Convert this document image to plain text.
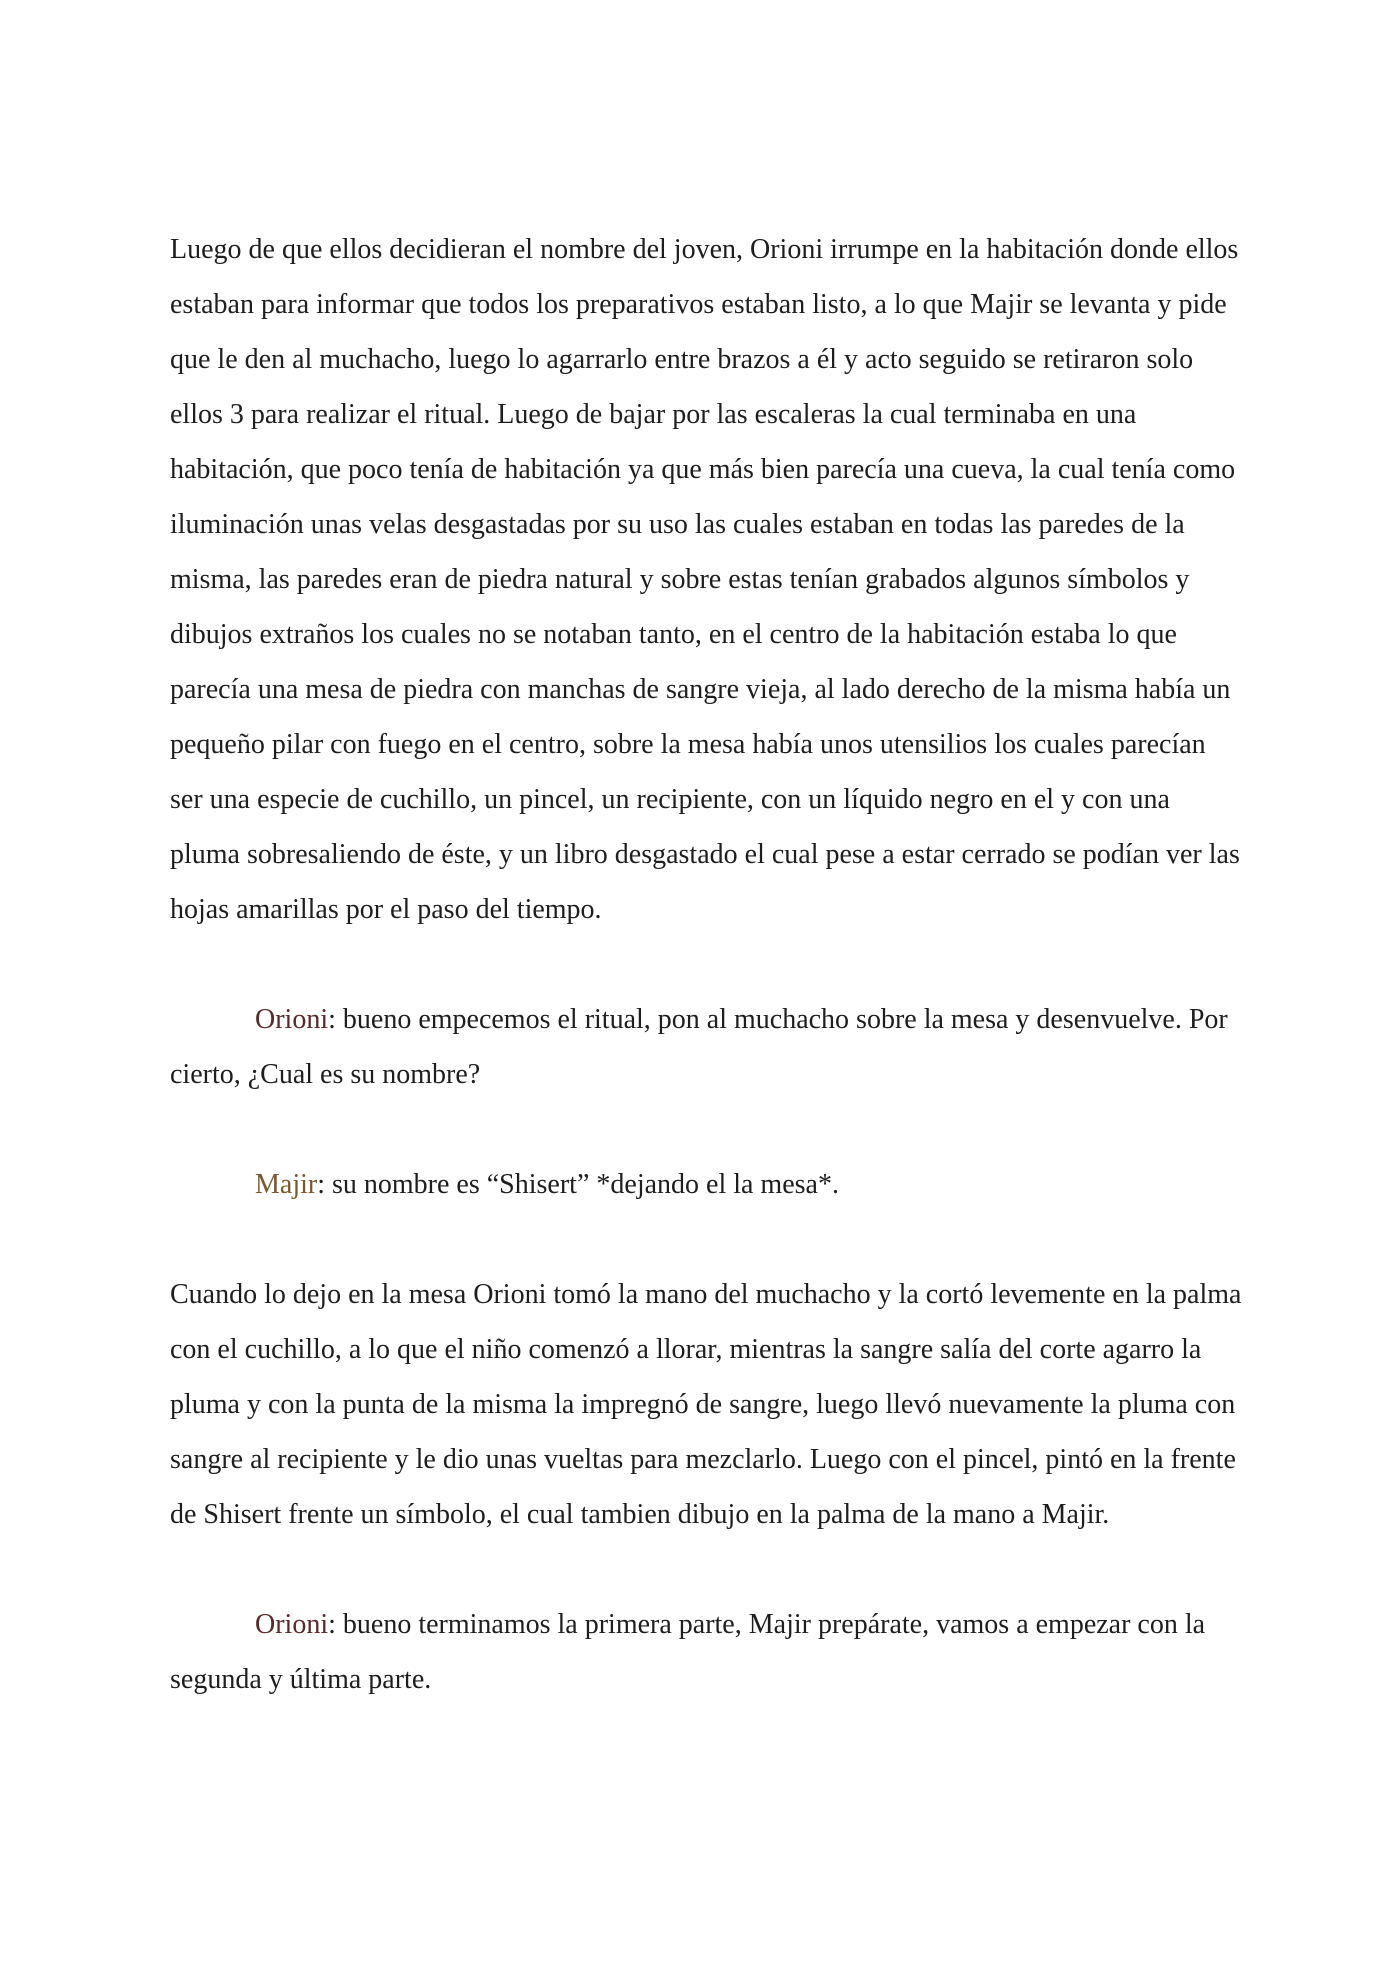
Luego de que ellos decidieran el nombre del joven, Orioni irrumpe en la habitación donde ellos estaban para informar que todos los preparativos estaban listo, a lo que Majir se levanta y pide que le den al muchacho, luego lo agarrarlo entre brazos a él y acto seguido se retiraron solo ellos 3 para realizar el ritual. Luego de bajar por las escaleras la cual terminaba en una habitación, que poco tenía de habitación ya que más bien parecía una cueva, la cual tenía como iluminación unas velas desgastadas por su uso las cuales estaban en todas las paredes de la misma, las paredes eran de piedra natural y sobre estas tenían grabados algunos símbolos y dibujos extraños los cuales no se notaban tanto, en el centro de la habitación estaba lo que parecía una mesa de piedra con manchas de sangre vieja, al lado derecho de la misma había un pequeño pilar con fuego en el centro, sobre la mesa había unos utensilios los cuales parecían ser una especie de cuchillo, un pincel, un recipiente, con un líquido negro en el y con una pluma sobresaliendo de éste, y un libro desgastado el cual pese a estar cerrado se podían ver las hojas amarillas por el paso del tiempo.

Orioni: bueno empecemos el ritual, pon al muchacho sobre la mesa y desenvuelve. Por cierto, ¿Cual es su nombre?

Majir: su nombre es “Shisert” *dejando el la mesa*.

Cuando lo dejo en la mesa Orioni tomó la mano del muchacho y la cortó levemente en la palma con el cuchillo, a lo que el niño comenzó a llorar, mientras la sangre salía del corte agarro la pluma y con la punta de la misma la impregnó de sangre, luego llevó nuevamente la pluma con sangre al recipiente y le dio unas vueltas para mezclarlo. Luego con el pincel, pintó en la frente de Shisert frente un símbolo, el cual tambien dibujo en la palma de la mano a Majir.

Orioni: bueno terminamos la primera parte, Majir prepárate, vamos a empezar con la segunda y última parte.
